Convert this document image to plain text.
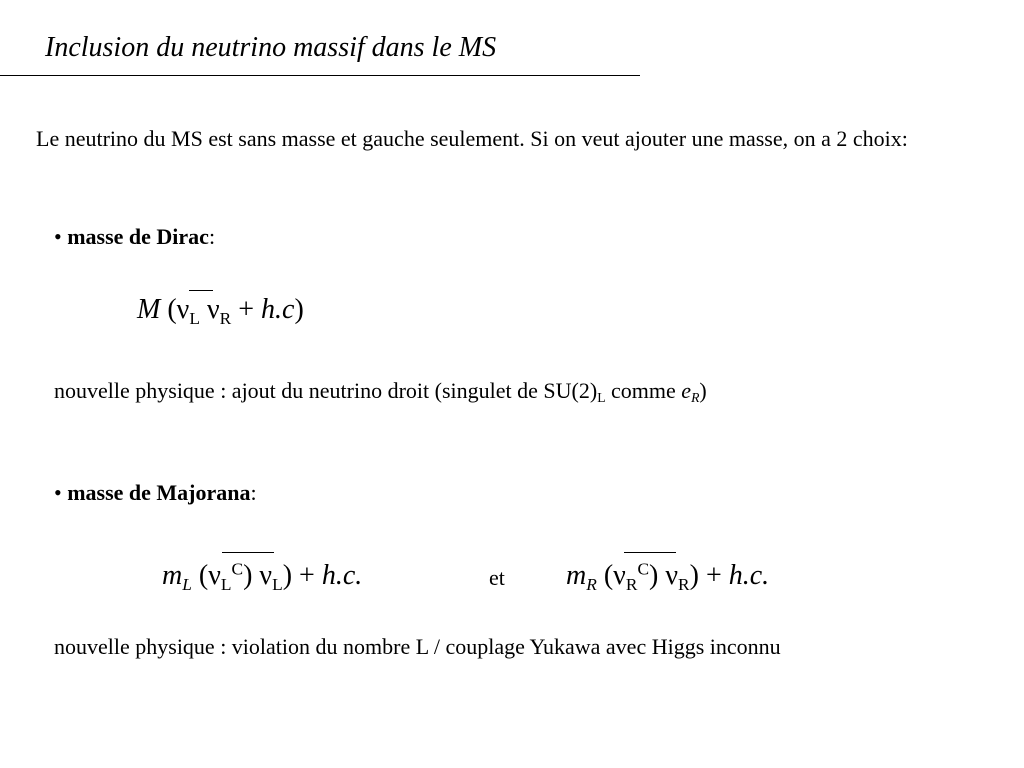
Inclusion du neutrino massif dans le MS
Le neutrino du MS est sans masse et gauche seulement. Si on veut ajouter une masse, on a 2 choix:
• masse de Dirac:
M ($\nu_L$ $\nu_R + h.c$)
nouvelle physique : ajout du neutrino droit (singulet de $SU(2)_L$ comme $e_R$)
• masse de Majorana:
$m_L$ $(\nu_L^C) \nu_L) + h.c$.	et $m_R$ $(\nu_R^C) \nu_R) + h.c$.
nouvelle physique : violation du nombre L / couplage Yukawa avec Higgs inconnu
